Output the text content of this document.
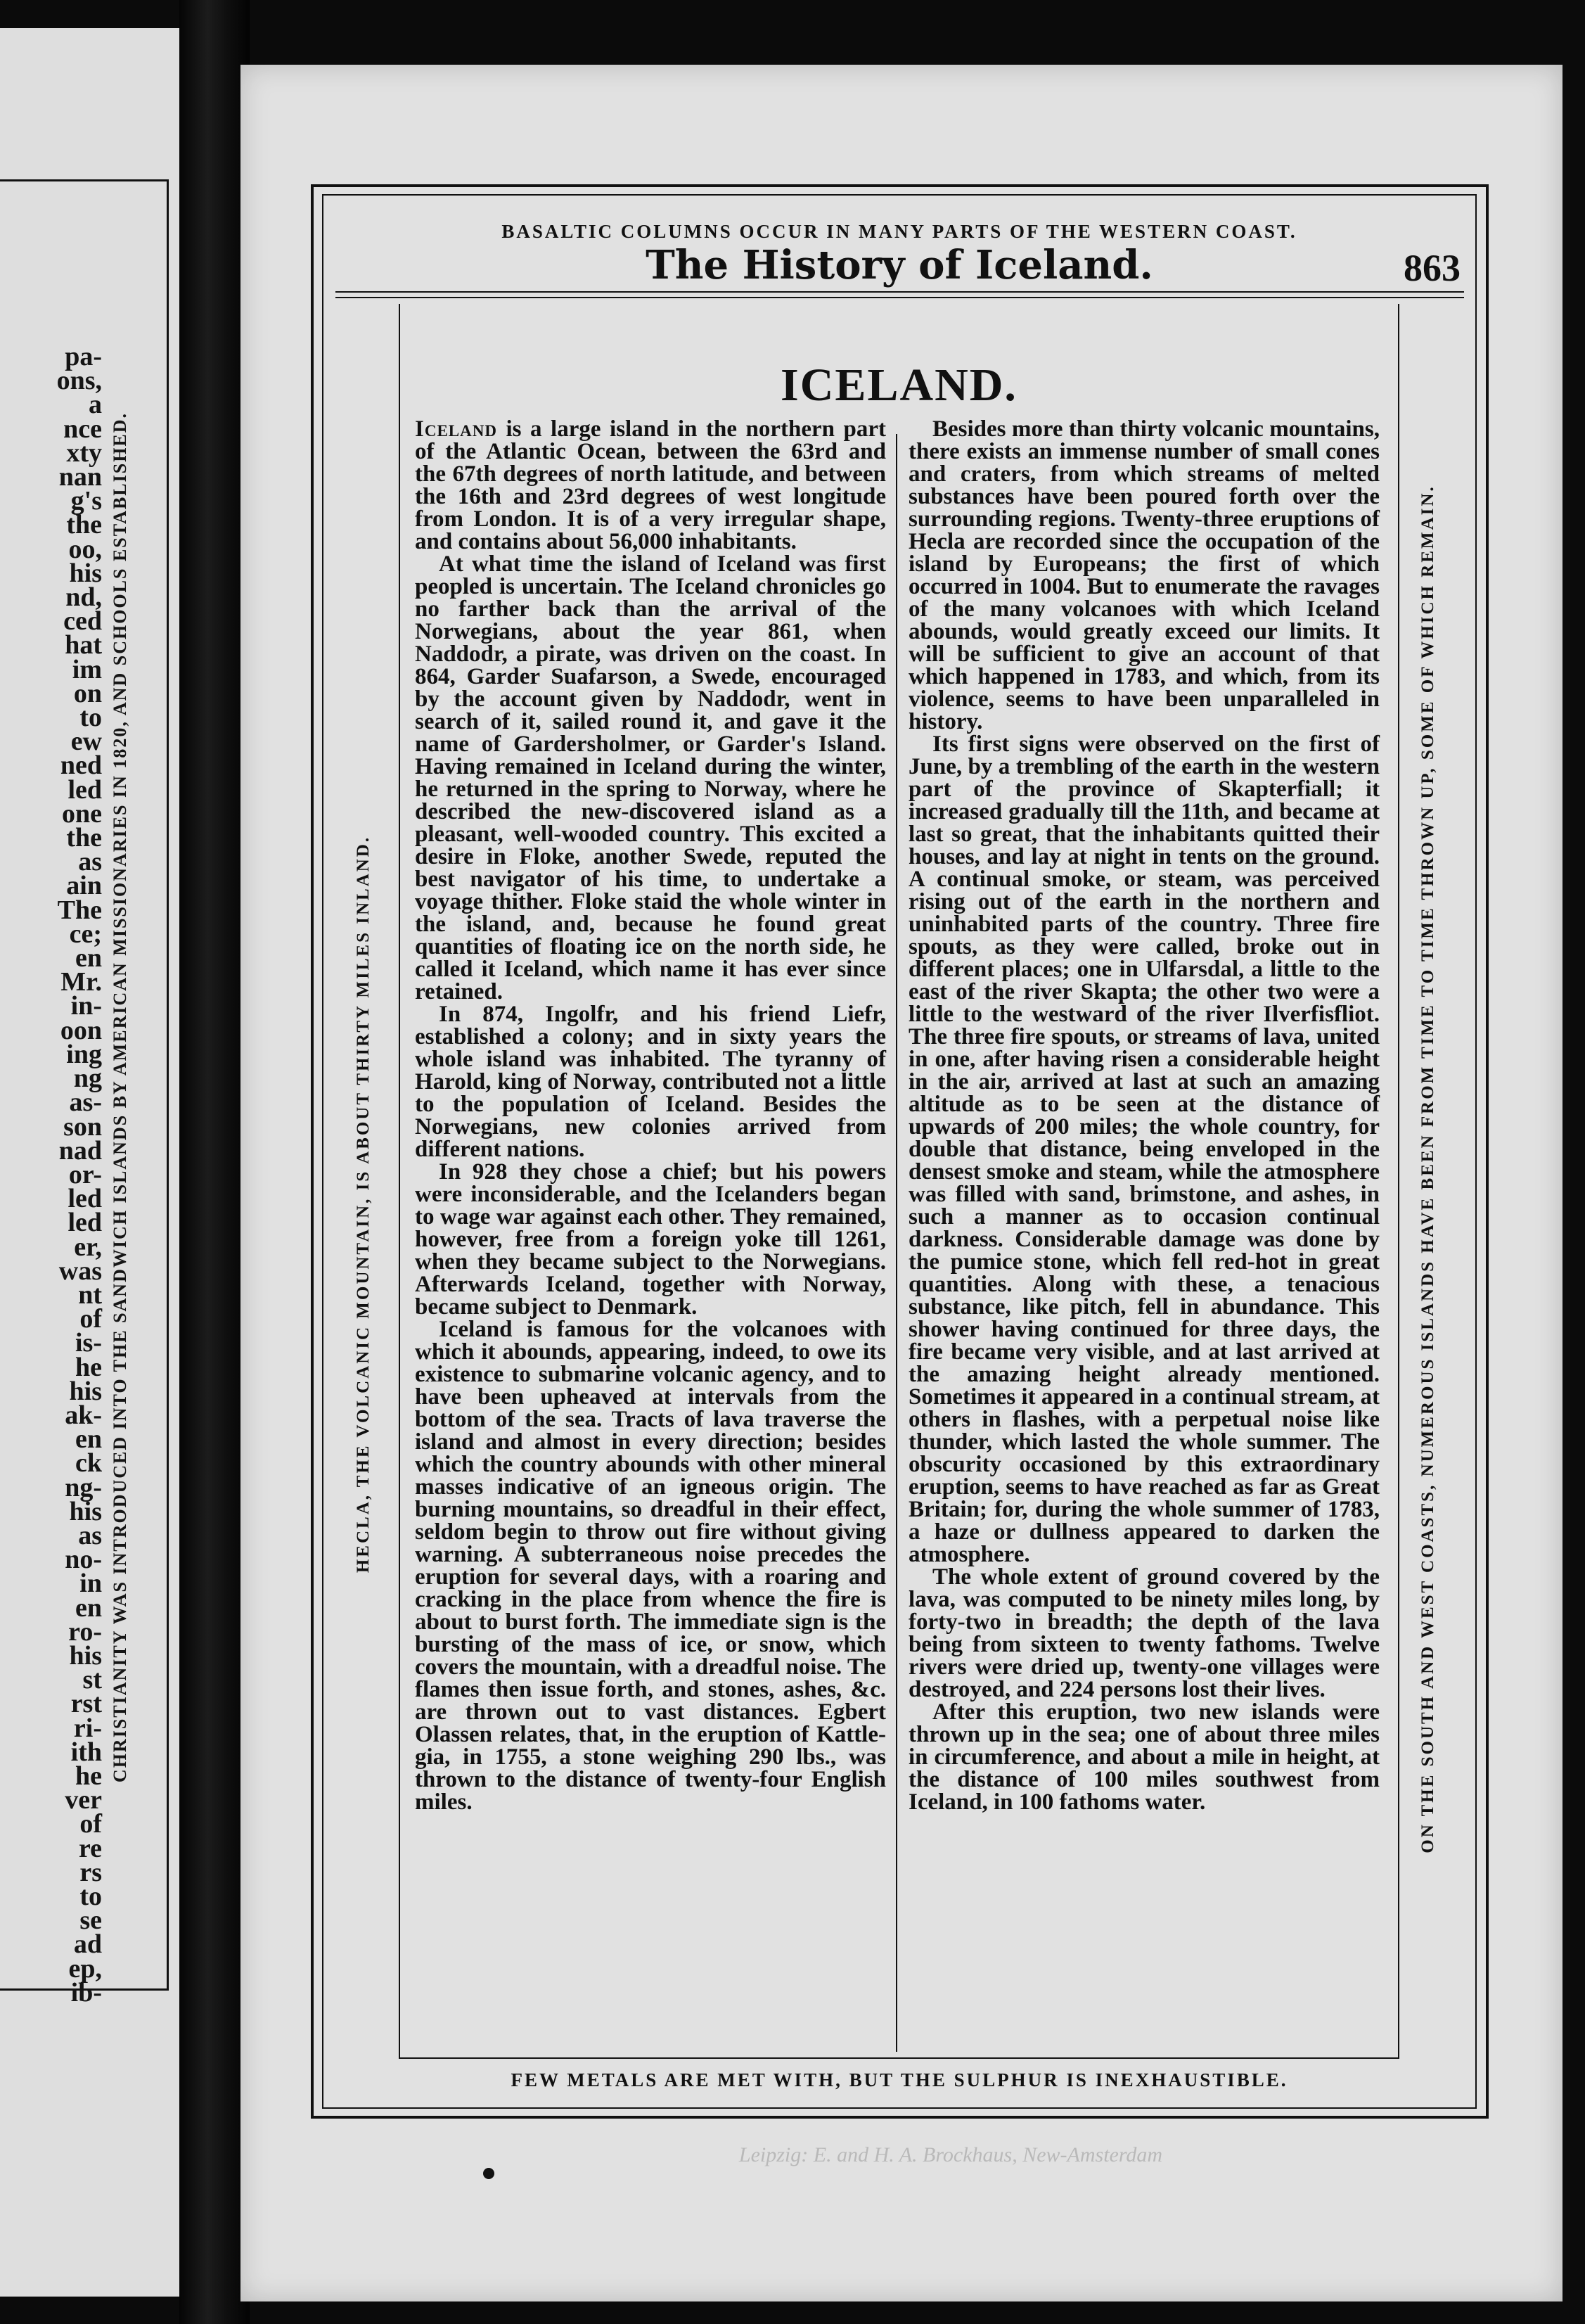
pa-
ons,
a
nce
xty
nan
g's
the
oo,
his
nd,
ced
hat
im
on
to
ew
ned
led
one
the
as
ain
The
ce;
en
Mr.
in-
oon
ing
ng
as-
son
nad
or-
led
led
er,
was
nt
of
is-
he
his
ak-
en
ck
ng-
his
as
no-
in
en
ro-
his
st
rst
ri-
ith
he
ver
of
re
rs
to
se
ad
ep,
ib-
CHRISTIANITY WAS INTRODUCED INTO THE SANDWICH ISLANDS BY AMERICAN MISSIONARIES IN 1820, AND SCHOOLS ESTABLISHED.
BASALTIC COLUMNS OCCUR IN MANY PARTS OF THE WESTERN COAST.
The History of Iceland.	863
HECLA, THE VOLCANIC MOUNTAIN, IS ABOUT THIRTY MILES INLAND.	ON THE SOUTH AND WEST COASTS, NUMEROUS ISLANDS HAVE BEEN FROM TIME TO TIME THROWN UP, SOME OF WHICH REMAIN.
ICELAND.

Iceland is a large island in the northern part of the Atlantic Ocean, between the 63rd and the 67th degrees of north latitude, and between the 16th and 23rd degrees of west longitude from London. It is of a very irregular shape, and contains about 56,000 inhabitants.

At what time the island of Iceland was first peopled is uncertain. The Iceland chronicles go no farther back than the arrival of the Norwegians, about the year 861, when Naddodr, a pirate, was driven on the coast. In 864, Garder Suafarson, a Swede, encouraged by the account given by Naddodr, went in search of it, sailed round it, and gave it the name of Gardersholmer, or Garder's Island. Having remained in Iceland during the winter, he returned in the spring to Norway, where he described the new-discovered island as a pleasant, well-wooded country. This excited a desire in Floke, another Swede, reputed the best navigator of his time, to undertake a voyage thither. Floke staid the whole winter in the island, and, because he found great quantities of floating ice on the north side, he called it Iceland, which name it has ever since retained.

In 874, Ingolfr, and his friend Liefr, established a colony; and in sixty years the whole island was inhabited. The tyranny of Harold, king of Norway, contributed not a little to the population of Iceland. Besides the Norwegians, new colonies arrived from different nations.

In 928 they chose a chief; but his powers were inconsiderable, and the Icelanders began to wage war against each other. They remained, however, free from a foreign yoke till 1261, when they became subject to the Norwegians. Afterwards Iceland, together with Norway, became subject to Denmark.

Iceland is famous for the volcanoes with which it abounds, appearing, indeed, to owe its existence to submarine volcanic agency, and to have been upheaved at intervals from the bottom of the sea. Tracts of lava traverse the island and almost in every direction; besides which the country abounds with other mineral masses indicative of an igneous origin. The burning mountains, so dreadful in their effect, seldom begin to throw out fire without giving warning. A subterraneous noise precedes the eruption for several days, with a roaring and cracking in the place from whence the fire is about to burst forth. The immediate sign is the bursting of the mass of ice, or snow, which covers the mountain, with a dreadful noise. The flames then issue forth, and stones, ashes, &c. are thrown out to vast distances. Egbert Olassen relates, that, in the eruption of Kattle-gia, in 1755, a stone weighing 290 lbs., was thrown to the distance of twenty-four English miles.

Besides more than thirty volcanic mountains, there exists an immense number of small cones and craters, from which streams of melted substances have been poured forth over the surrounding regions. Twenty-three eruptions of Hecla are recorded since the occupation of the island by Europeans; the first of which occurred in 1004. But to enumerate the ravages of the many volcanoes with which Iceland abounds, would greatly exceed our limits. It will be sufficient to give an account of that which happened in 1783, and which, from its violence, seems to have been unparalleled in history.

Its first signs were observed on the first of June, by a trembling of the earth in the western part of the province of Skapterfiall; it increased gradually till the 11th, and became at last so great, that the inhabitants quitted their houses, and lay at night in tents on the ground. A continual smoke, or steam, was perceived rising out of the earth in the northern and uninhabited parts of the country. Three fire spouts, as they were called, broke out in different places; one in Ulfarsdal, a little to the east of the river Skapta; the other two were a little to the westward of the river Ilverfisfliot. The three fire spouts, or streams of lava, united in one, after having risen a considerable height in the air, arrived at last at such an amazing altitude as to be seen at the distance of upwards of 200 miles; the whole country, for double that distance, being enveloped in the densest smoke and steam, while the atmosphere was filled with sand, brimstone, and ashes, in such a manner as to occasion continual darkness. Considerable damage was done by the pumice stone, which fell red-hot in great quantities. Along with these, a tenacious substance, like pitch, fell in abundance. This shower having continued for three days, the fire became very visible, and at last arrived at the amazing height already mentioned. Sometimes it appeared in a continual stream, at others in flashes, with a perpetual noise like thunder, which lasted the whole summer. The obscurity occasioned by this extraordinary eruption, seems to have reached as far as Great Britain; for, during the whole summer of 1783, a haze or dullness appeared to darken the atmosphere.

The whole extent of ground covered by the lava, was computed to be ninety miles long, by forty-two in breadth; the depth of the lava being from sixteen to twenty fathoms. Twelve rivers were dried up, twenty-one villages were destroyed, and 224 persons lost their lives.

After this eruption, two new islands were thrown up in the sea; one of about three miles in circumference, and about a mile in height, at the distance of 100 miles southwest from Iceland, in 100 fathoms water.

FEW METALS ARE MET WITH, BUT THE SULPHUR IS INEXHAUSTIBLE.
Leipzig: E. and H. A. Brockhaus, New-Amsterdam
